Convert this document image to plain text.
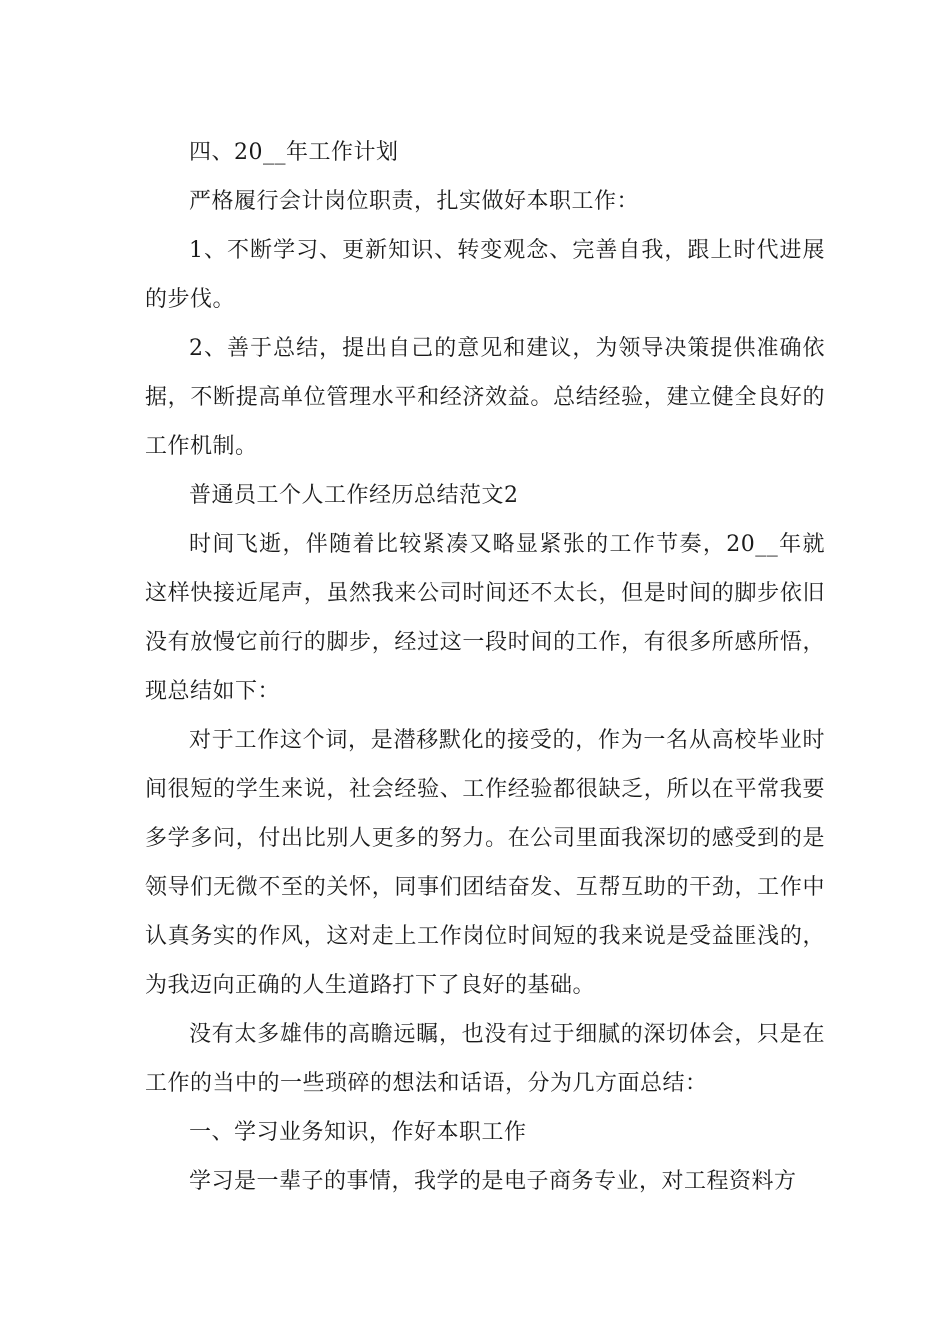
四、20__年工作计划

严格履行会计岗位职责，扎实做好本职工作：

1、不断学习、更新知识、转变观念、完善自我，跟上时代进展的步伐。

2、善于总结，提出自己的意见和建议，为领导决策提供准确依据，不断提高单位管理水平和经济效益。总结经验，建立健全良好的工作机制。

普通员工个人工作经历总结范文2

时间飞逝，伴随着比较紧凑又略显紧张的工作节奏，20__年就这样快接近尾声，虽然我来公司时间还不太长，但是时间的脚步依旧没有放慢它前行的脚步，经过这一段时间的工作，有很多所感所悟，现总结如下：

对于工作这个词，是潜移默化的接受的，作为一名从高校毕业时间很短的学生来说，社会经验、工作经验都很缺乏，所以在平常我要多学多问，付出比别人更多的努力。在公司里面我深切的感受到的是领导们无微不至的关怀，同事们团结奋发、互帮互助的干劲，工作中认真务实的作风，这对走上工作岗位时间短的我来说是受益匪浅的，为我迈向正确的人生道路打下了良好的基础。

没有太多雄伟的高瞻远瞩，也没有过于细腻的深切体会，只是在工作的当中的一些琐碎的想法和话语，分为几方面总结：

一、学习业务知识，作好本职工作

学习是一辈子的事情，我学的是电子商务专业，对工程资料方
